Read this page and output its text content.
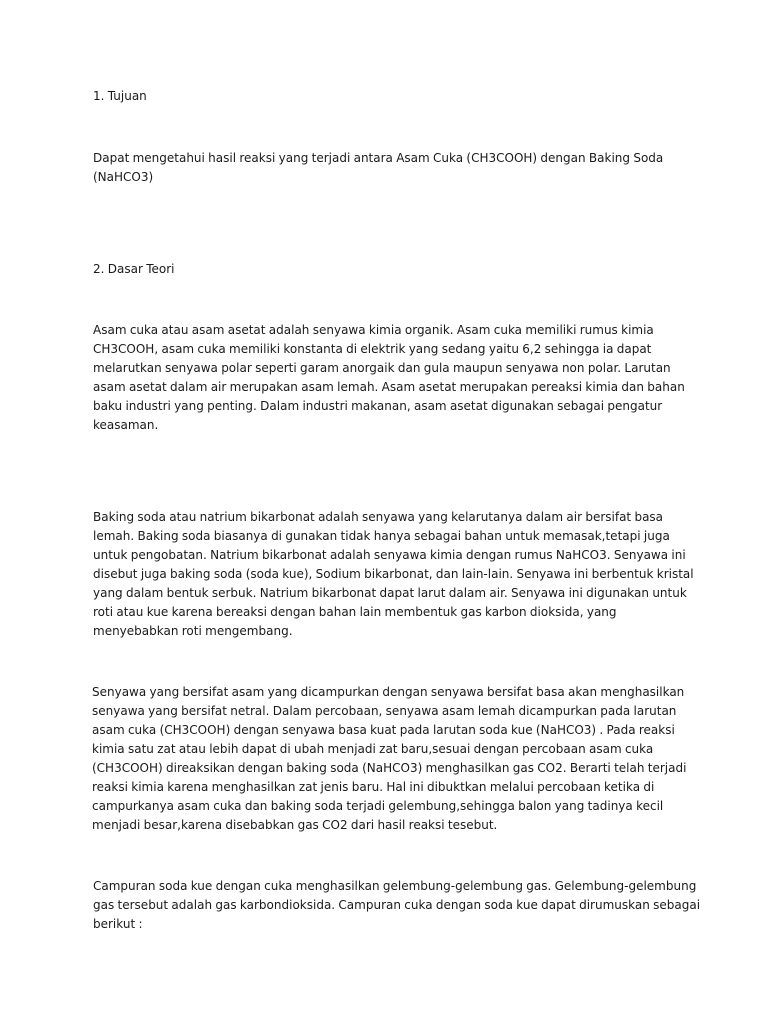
1. Tujuan

Dapat mengetahui hasil reaksi yang terjadi antara Asam Cuka (CH3COOH) dengan Baking Soda
(NaHCO3)

2. Dasar Teori

Asam cuka atau asam asetat adalah senyawa kimia organik. Asam cuka memiliki rumus kimia
CH3COOH, asam cuka memiliki konstanta di elektrik yang sedang yaitu 6,2 sehingga ia dapat
melarutkan senyawa polar seperti garam anorgaik dan gula maupun senyawa non polar. Larutan
asam asetat dalam air merupakan asam lemah. Asam asetat merupakan pereaksi kimia dan bahan
baku industri yang penting. Dalam industri makanan, asam asetat digunakan sebagai pengatur
keasaman.

Baking soda atau natrium bikarbonat adalah senyawa yang kelarutanya dalam air bersifat basa
lemah. Baking soda biasanya di gunakan tidak hanya sebagai bahan untuk memasak,tetapi juga
untuk pengobatan. Natrium bikarbonat adalah senyawa kimia dengan rumus NaHCO3. Senyawa ini
disebut juga baking soda (soda kue), Sodium bikarbonat, dan lain-lain. Senyawa ini berbentuk kristal
yang dalam bentuk serbuk. Natrium bikarbonat dapat larut dalam air. Senyawa ini digunakan untuk
roti atau kue karena bereaksi dengan bahan lain membentuk gas karbon dioksida, yang
menyebabkan roti mengembang.

Senyawa yang bersifat asam yang dicampurkan dengan senyawa bersifat basa akan menghasilkan
senyawa yang bersifat netral. Dalam percobaan, senyawa asam lemah dicampurkan pada larutan
asam cuka (CH3COOH) dengan senyawa basa kuat pada larutan soda kue (NaHCO3) . Pada reaksi
kimia satu zat atau lebih dapat di ubah menjadi zat baru,sesuai dengan percobaan asam cuka
(CH3COOH) direaksikan dengan baking soda (NaHCO3) menghasilkan gas CO2. Berarti telah terjadi
reaksi kimia karena menghasilkan zat jenis baru. Hal ini dibuktkan melalui percobaan ketika di
campurkanya asam cuka dan baking soda terjadi gelembung,sehingga balon yang tadinya kecil
menjadi besar,karena disebabkan gas CO2 dari hasil reaksi tesebut.

Campuran soda kue dengan cuka menghasilkan gelembung-gelembung gas. Gelembung-gelembung
gas tersebut adalah gas karbondioksida. Campuran cuka dengan soda kue dapat dirumuskan sebagai
berikut :
